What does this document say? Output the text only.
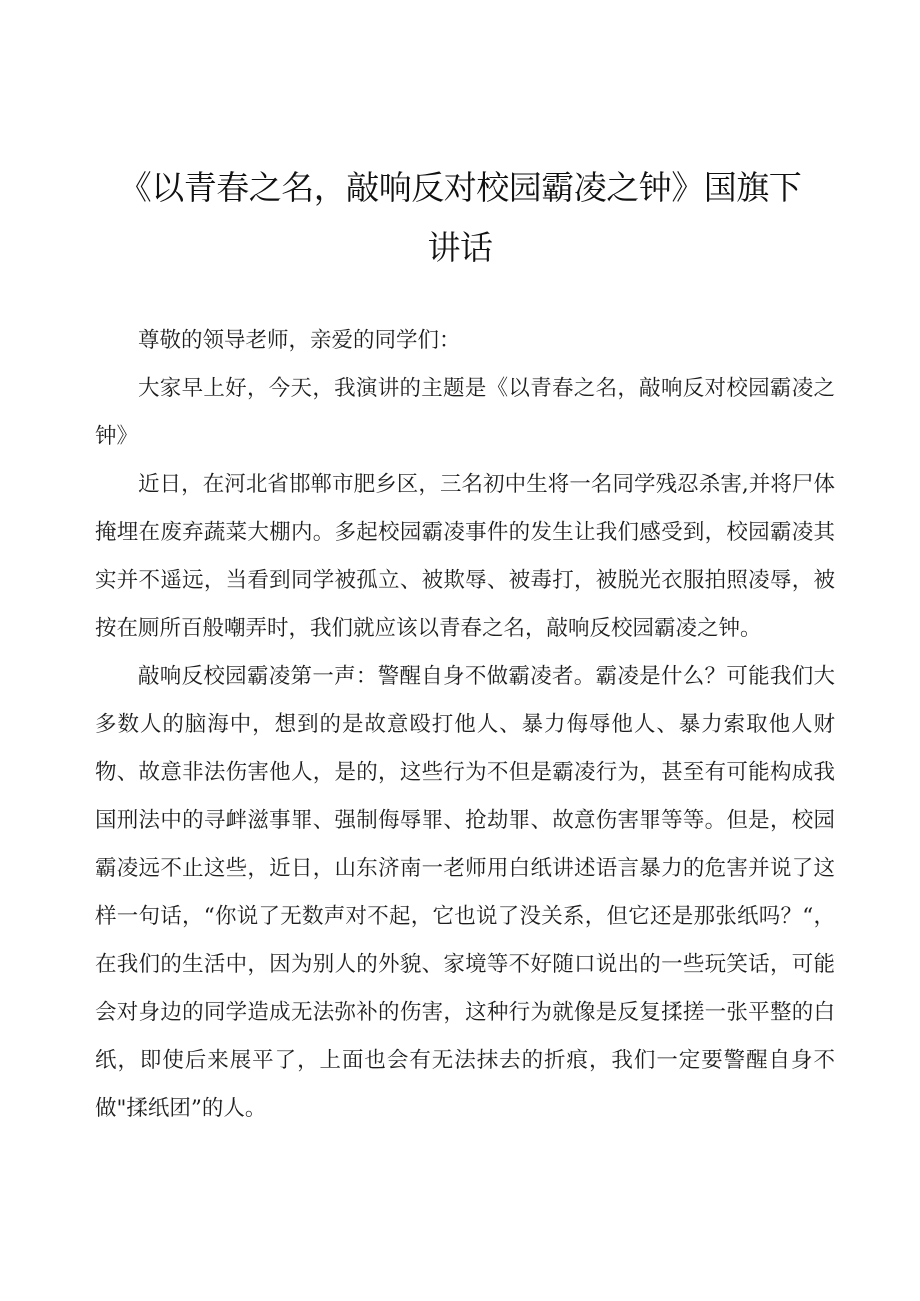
《以青春之名，敲响反对校园霸凌之钟》国旗下
讲话

尊敬的领导老师，亲爱的同学们：

大家早上好，今天，我演讲的主题是《以青春之名，敲响反对校园霸凌之钟》

近日，在河北省邯郸市肥乡区，三名初中生将一名同学残忍杀害,并将尸体掩埋在废弃蔬菜大棚内。多起校园霸凌事件的发生让我们感受到，校园霸凌其实并不遥远，当看到同学被孤立、被欺辱、被毒打，被脱光衣服拍照凌辱，被按在厕所百般嘲弄时，我们就应该以青春之名，敲响反校园霸凌之钟。

敲响反校园霸凌第一声：警醒自身不做霸凌者。霸凌是什么？可能我们大多数人的脑海中，想到的是故意殴打他人、暴力侮辱他人、暴力索取他人财物、故意非法伤害他人，是的，这些行为不但是霸凌行为，甚至有可能构成我国刑法中的寻衅滋事罪、强制侮辱罪、抢劫罪、故意伤害罪等等。但是，校园霸凌远不止这些，近日，山东济南一老师用白纸讲述语言暴力的危害并说了这样一句话，“你说了无数声对不起，它也说了没关系，但它还是那张纸吗？“，在我们的生活中，因为别人的外貌、家境等不好随口说出的一些玩笑话，可能会对身边的同学造成无法弥补的伤害，这种行为就像是反复揉搓一张平整的白纸，即使后来展平了，上面也会有无法抹去的折痕，我们一定要警醒自身不做"揉纸团”的人。
